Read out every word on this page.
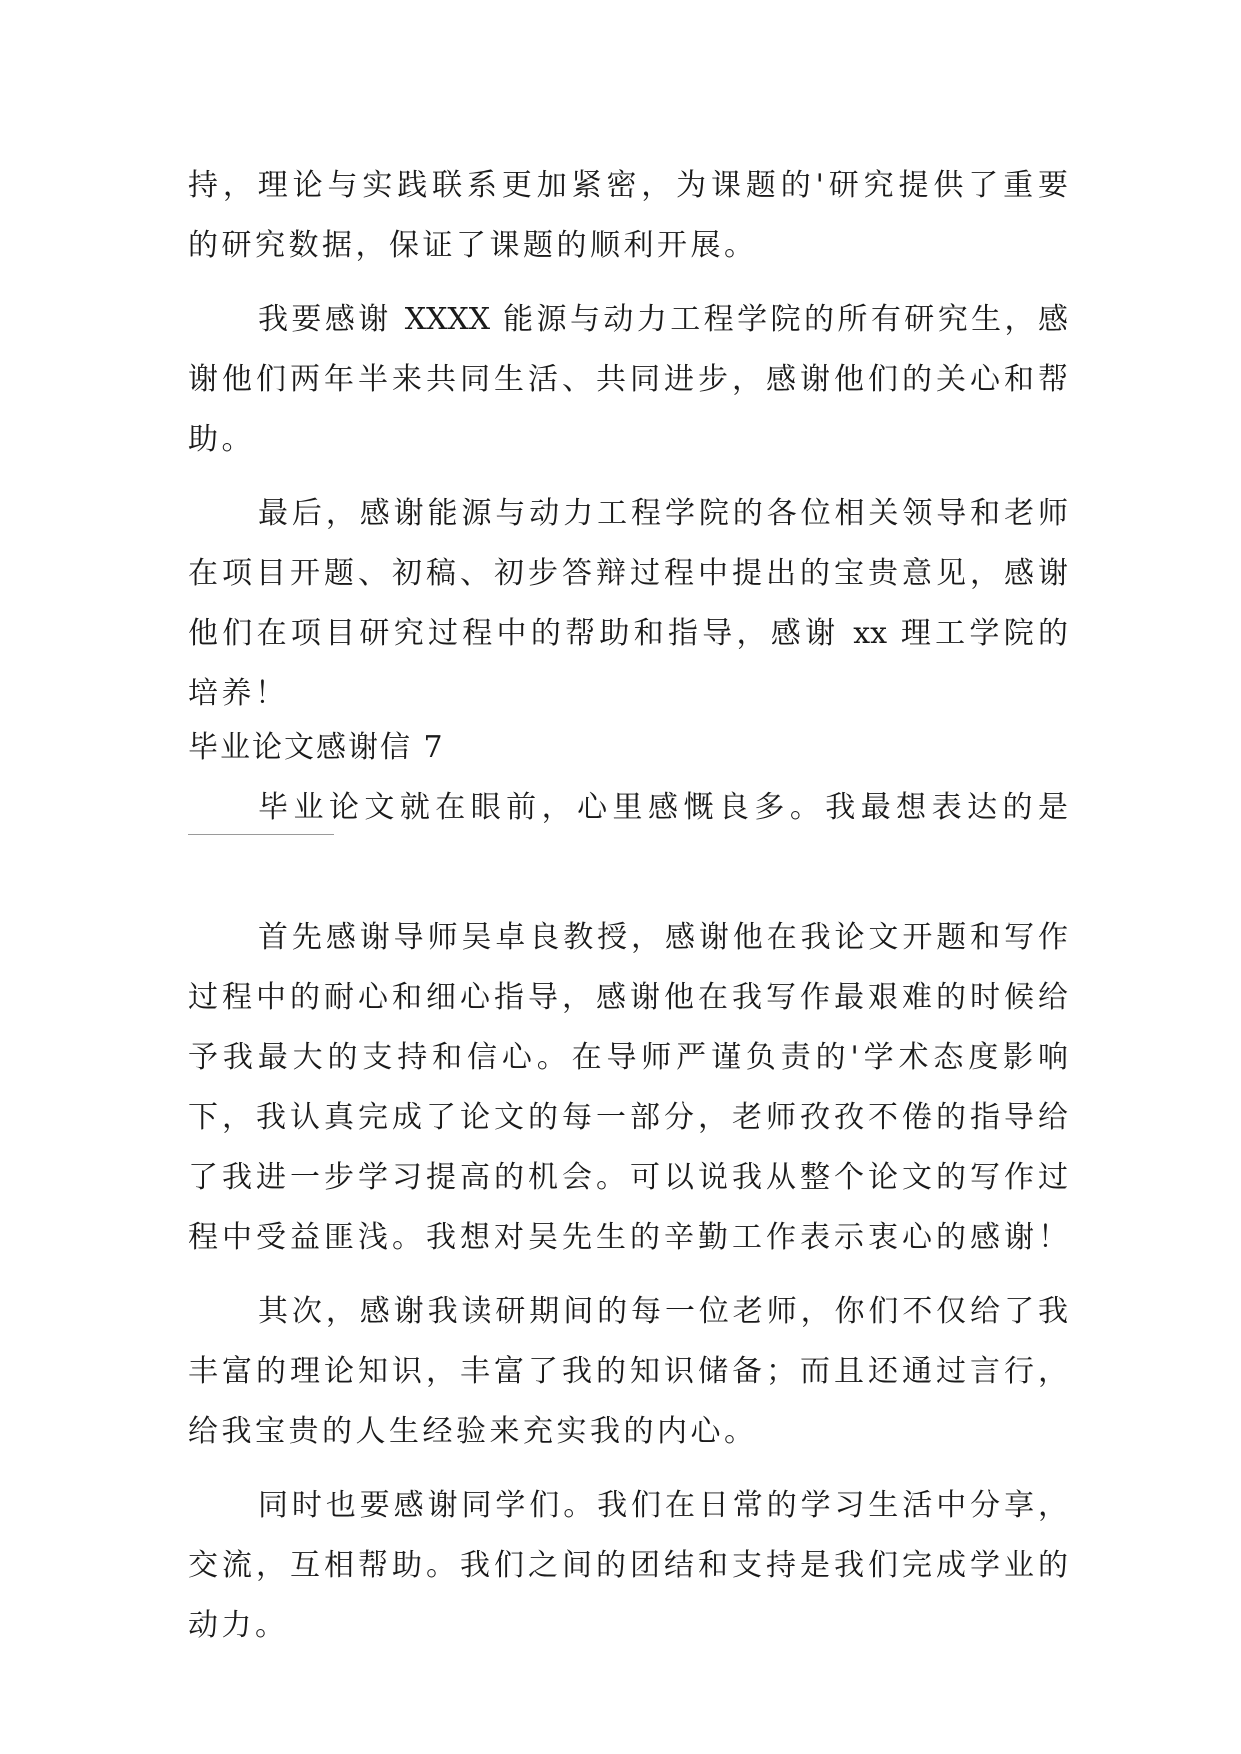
持，理论与实践联系更加紧密，为课题的'研究提供了重要
的研究数据，保证了课题的顺利开展。
我要感谢 XXXX 能源与动力工程学院的所有研究生，感
谢他们两年半来共同生活、共同进步，感谢他们的关心和帮
助。
最后，感谢能源与动力工程学院的各位相关领导和老师
在项目开题、初稿、初步答辩过程中提出的宝贵意见，感谢
他们在项目研究过程中的帮助和指导，感谢 xx 理工学院的
培养！
毕业论文感谢信 7
毕业论文就在眼前，心里感慨良多。我最想表达的是
首先感谢导师吴卓良教授，感谢他在我论文开题和写作
过程中的耐心和细心指导，感谢他在我写作最艰难的时候给
予我最大的支持和信心。在导师严谨负责的'学术态度影响
下，我认真完成了论文的每一部分，老师孜孜不倦的指导给
了我进一步学习提高的机会。可以说我从整个论文的写作过
程中受益匪浅。我想对吴先生的辛勤工作表示衷心的感谢！
其次，感谢我读研期间的每一位老师，你们不仅给了我
丰富的理论知识，丰富了我的知识储备；而且还通过言行，
给我宝贵的人生经验来充实我的内心。
同时也要感谢同学们。我们在日常的学习生活中分享，
交流，互相帮助。我们之间的团结和支持是我们完成学业的
动力。
